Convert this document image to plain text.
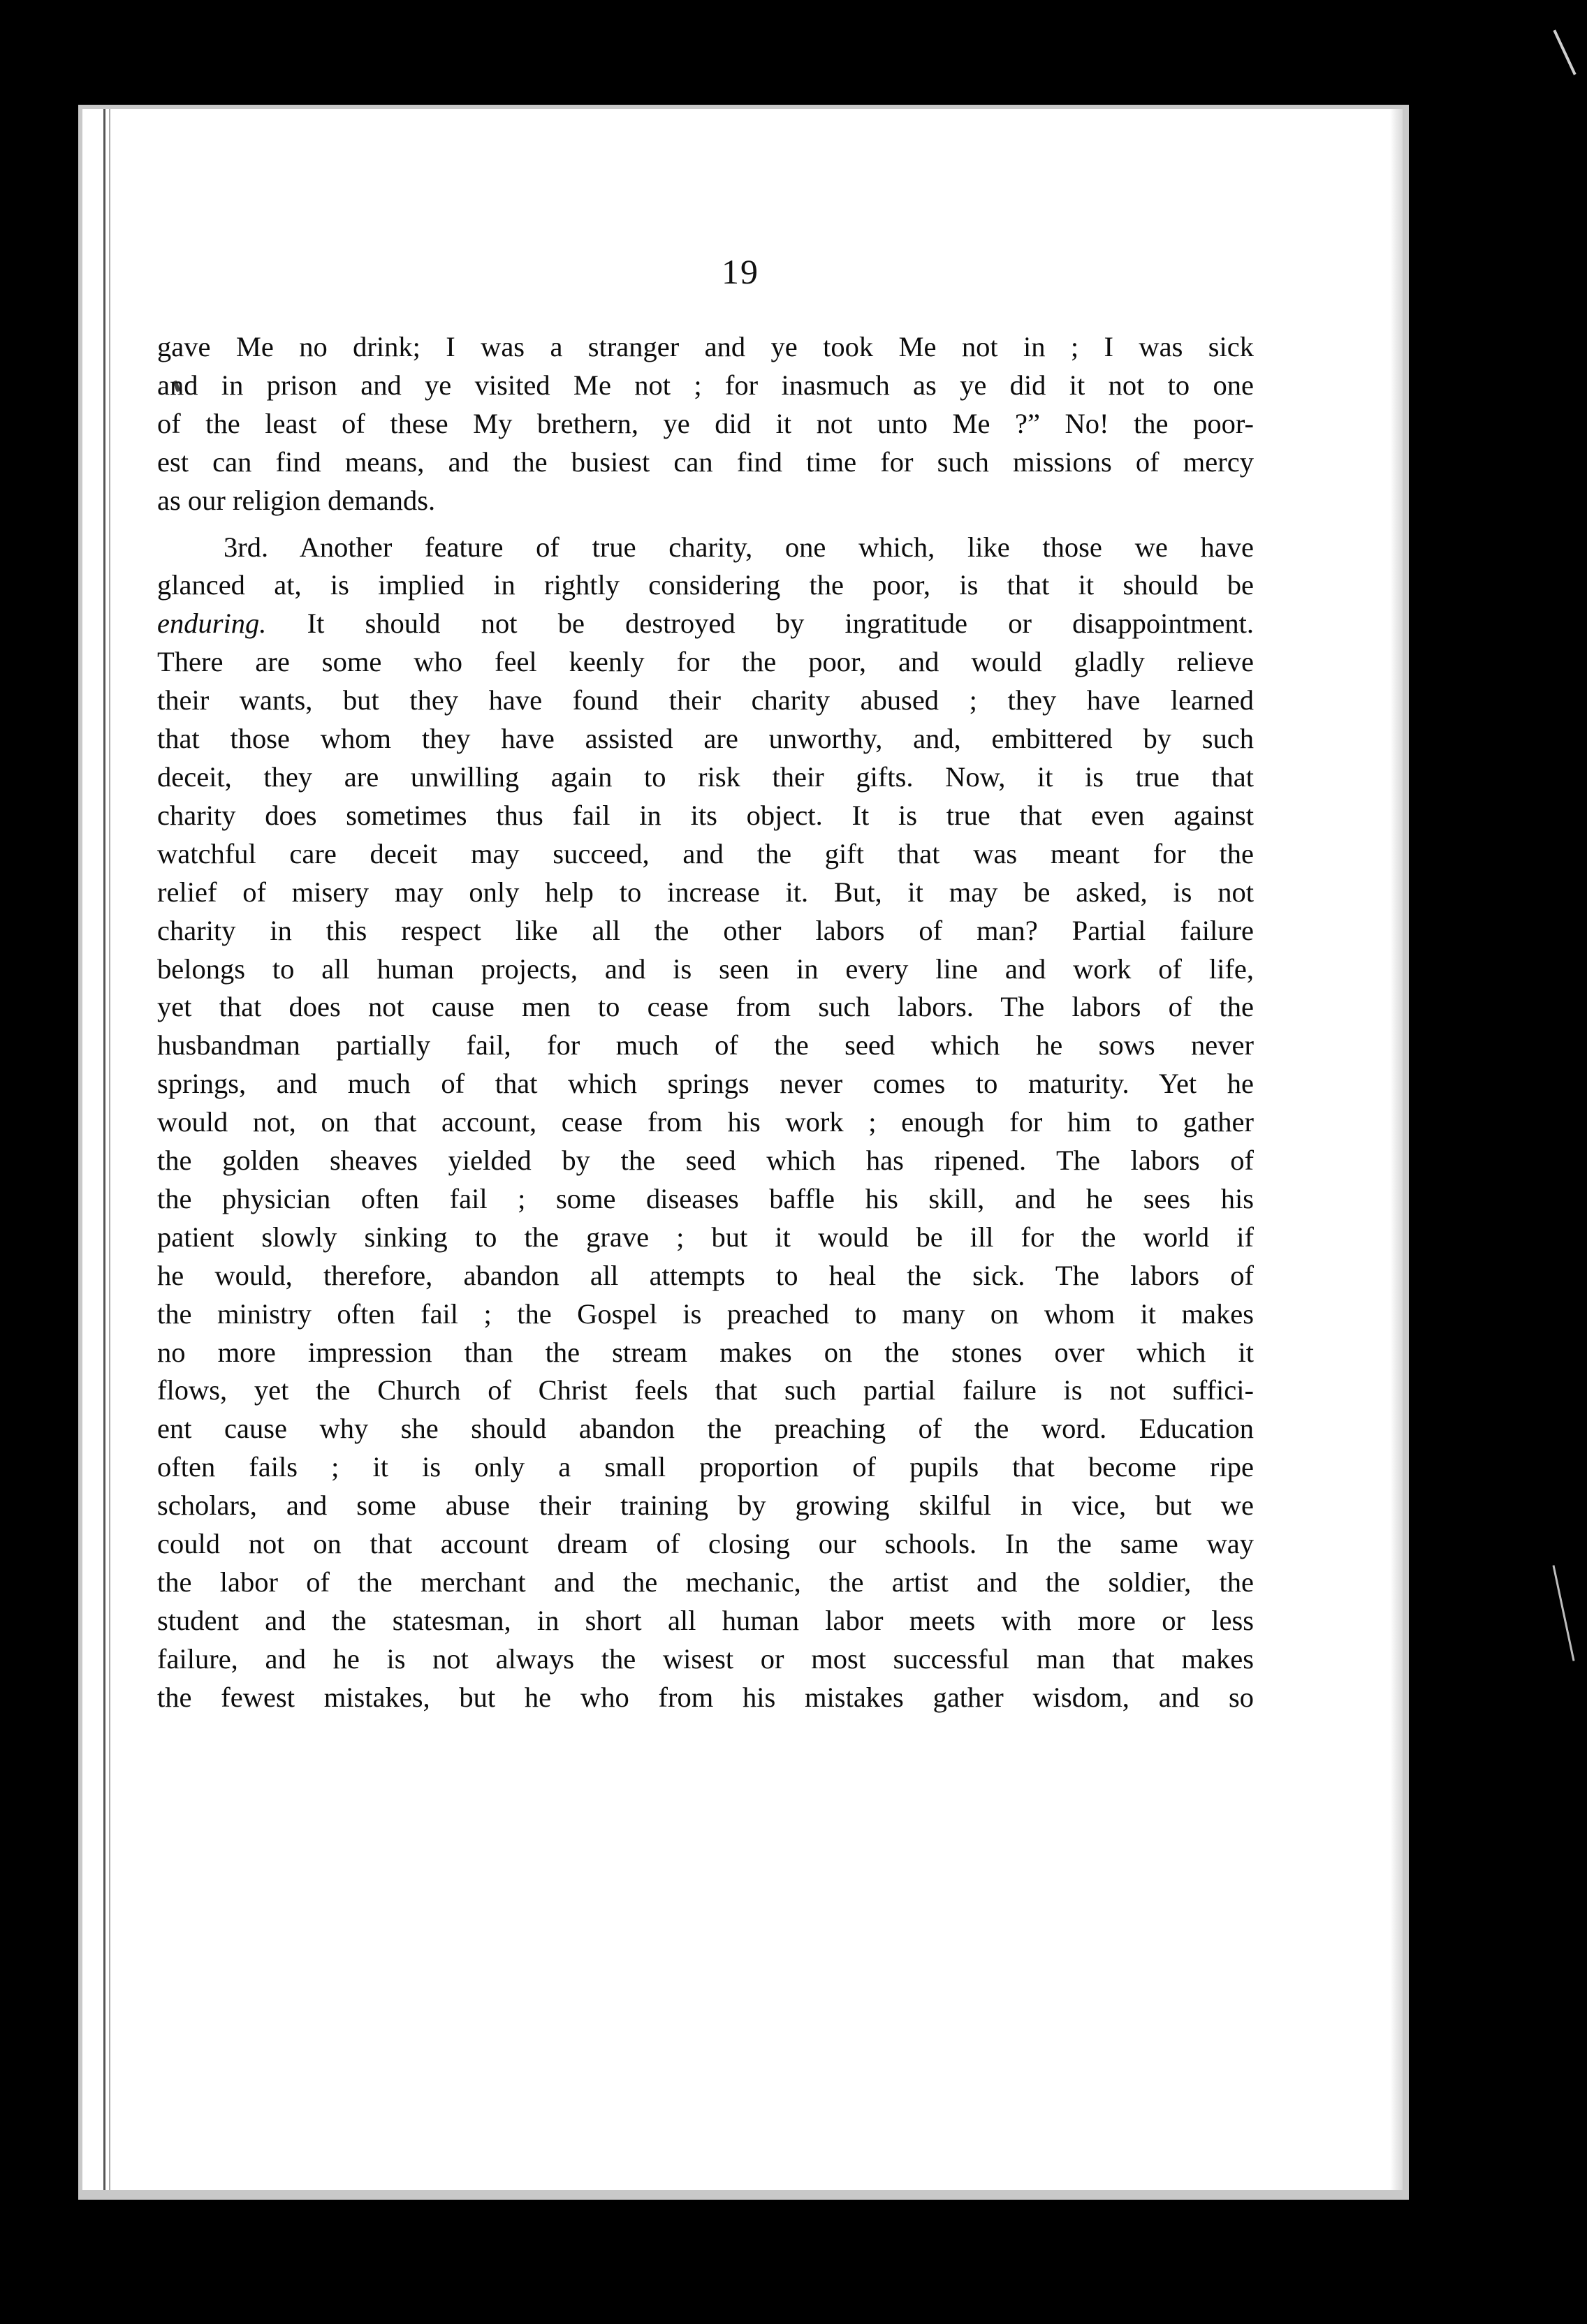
19

gave Me no drink; I was a stranger and ye took Me not in ; I was sick
and in prison and ye visited Me not ; for inasmuch as ye did it not to one
of the least of these My brethern, ye did it not unto Me ?” No! the poor-
est can find means, and the busiest can find time for such missions of mercy
as our religion demands.

3rd. Another feature of true charity, one which, like those we have
glanced at, is implied in rightly considering the poor, is that it should be
enduring. It should not be destroyed by ingratitude or disappointment.
There are some who feel keenly for the poor, and would gladly relieve
their wants, but they have found their charity abused ; they have learned
that those whom they have assisted are unworthy, and, embittered by such
deceit, they are unwilling again to risk their gifts. Now, it is true that
charity does sometimes thus fail in its object. It is true that even against
watchful care deceit may succeed, and the gift that was meant for the
relief of misery may only help to increase it. But, it may be asked, is not
charity in this respect like all the other labors of man? Partial failure
belongs to all human projects, and is seen in every line and work of life,
yet that does not cause men to cease from such labors. The labors of the
husbandman partially fail, for much of the seed which he sows never
springs, and much of that which springs never comes to maturity. Yet he
would not, on that account, cease from his work ; enough for him to gather
the golden sheaves yielded by the seed which has ripened. The labors of
the physician often fail ; some diseases baffle his skill, and he sees his
patient slowly sinking to the grave ; but it would be ill for the world if
he would, therefore, abandon all attempts to heal the sick. The labors of
the ministry often fail ; the Gospel is preached to many on whom it makes
no more impression than the stream makes on the stones over which it
flows, yet the Church of Christ feels that such partial failure is not suffici-
ent cause why she should abandon the preaching of the word. Education
often fails ; it is only a small proportion of pupils that become ripe
scholars, and some abuse their training by growing skilful in vice, but we
could not on that account dream of closing our schools. In the same way
the labor of the merchant and the mechanic, the artist and the soldier, the
student and the statesman, in short all human labor meets with more or less
failure, and he is not always the wisest or most successful man that makes
the fewest mistakes, but he who from his mistakes gather wisdom, and so
